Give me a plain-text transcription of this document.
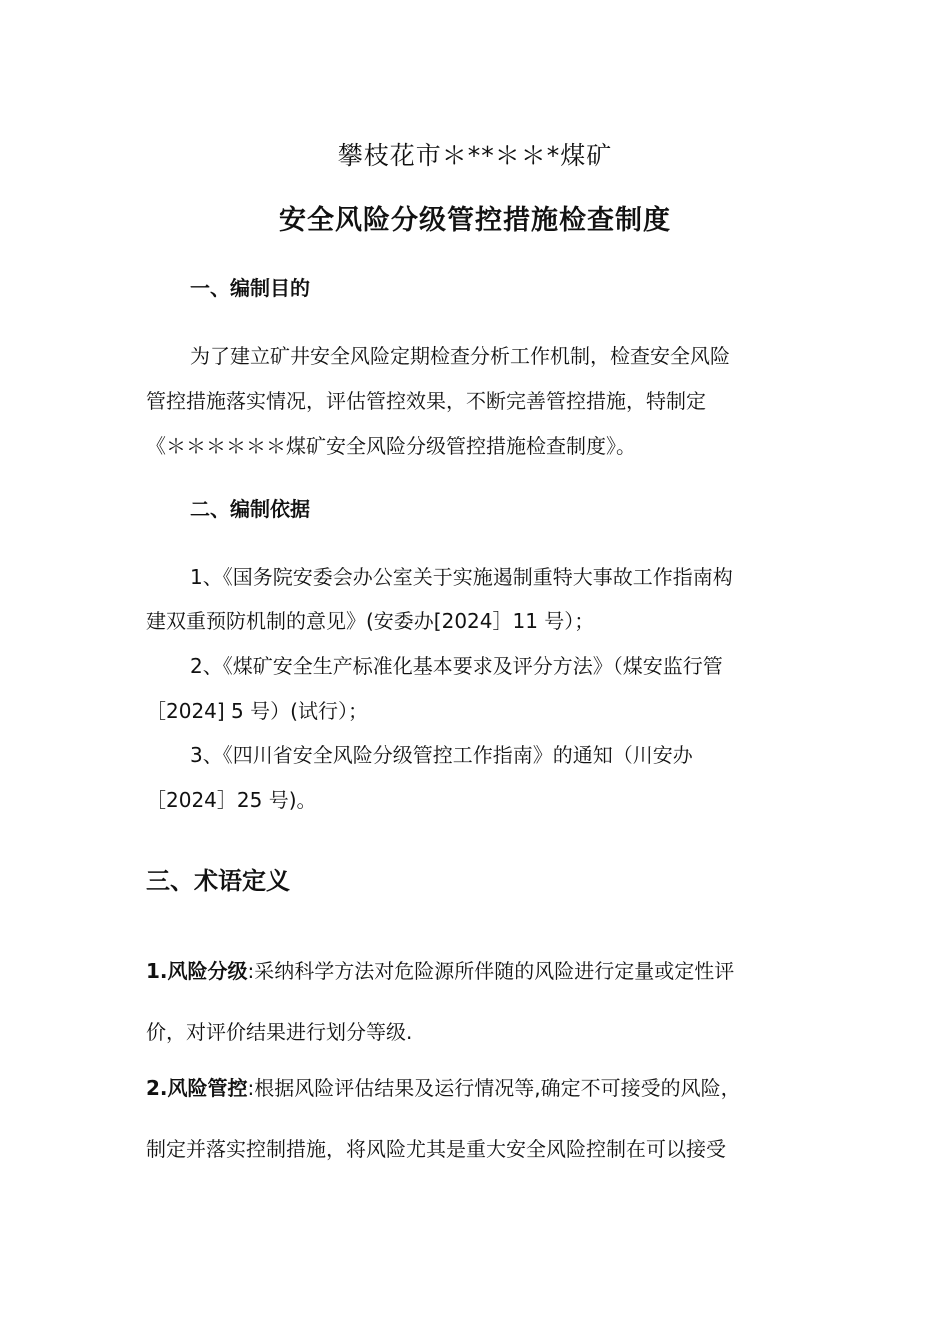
攀枝花市＊**＊＊*煤矿
安全风险分级管控措施检查制度
一、编制目的
为了建立矿井安全风险定期检查分析工作机制，检查安全风险
管控措施落实情况，评估管控效果，不断完善管控措施，特制定
《＊＊＊＊＊＊煤矿安全风险分级管控措施检查制度》。
二、编制依据
1、《国务院安委会办公室关于实施遏制重特大事故工作指南构
建双重预防机制的意见》(安委办[2024］11 号）；
2、《煤矿安全生产标准化基本要求及评分方法》（煤安监行管
［2024] 5 号）(试行）；
3、《四川省安全风险分级管控工作指南》的通知（川安办
［2024］25 号)。
三、术语定义
1.风险分级:采纳科学方法对危险源所伴随的风险进行定量或定性评
价，对评价结果进行划分等级.
2.风险管控:根据风险评估结果及运行情况等,确定不可接受的风险，
制定并落实控制措施，将风险尤其是重大安全风险控制在可以接受
